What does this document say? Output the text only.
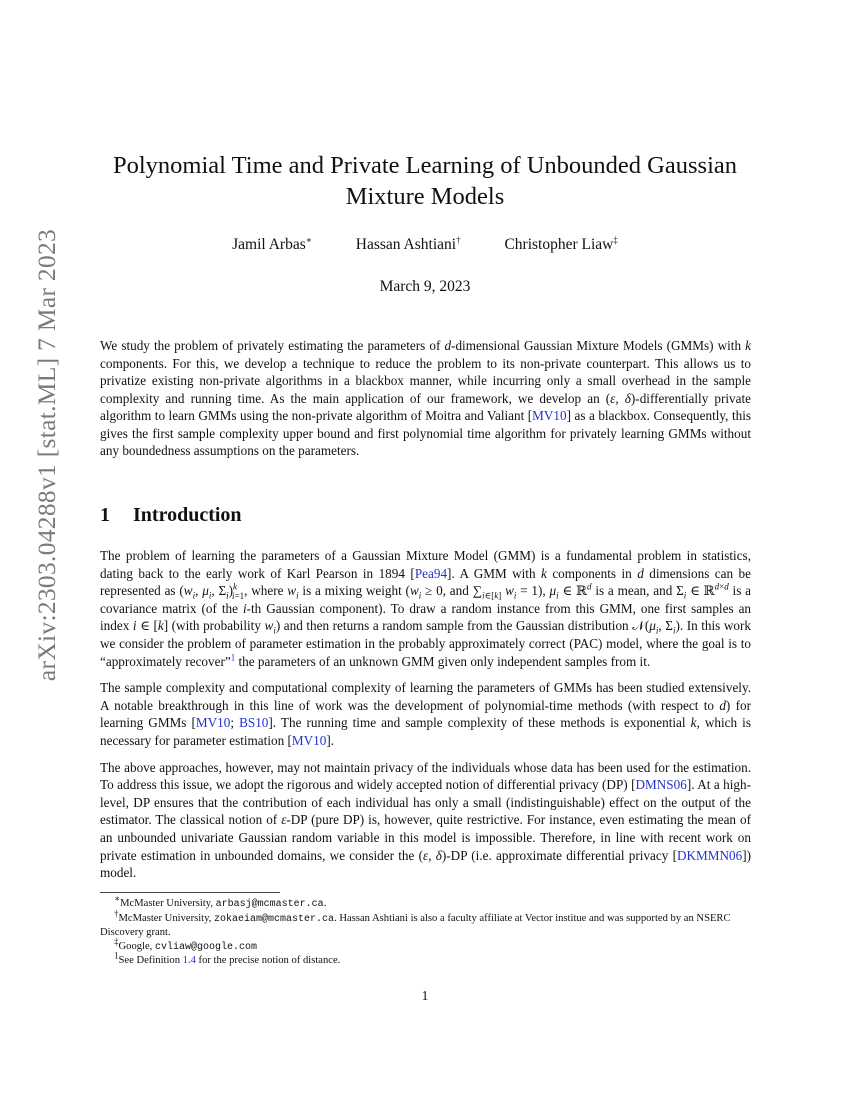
arXiv:2303.04288v1 [stat.ML] 7 Mar 2023
Polynomial Time and Private Learning of Unbounded Gaussian
Mixture Models
Jamil Arbas∗	Hassan Ashtiani†	Christopher Liaw‡
March 9, 2023

We study the problem of privately estimating the parameters of d-dimensional Gaussian Mixture Models (GMMs) with k components. For this, we develop a technique to reduce the problem to its non-private counterpart. This allows us to privatize existing non-private algorithms in a blackbox manner, while incurring only a small overhead in the sample complexity and running time. As the main application of our framework, we develop an (ε, δ)-differentially private algorithm to learn GMMs using the non-private algorithm of Moitra and Valiant [MV10] as a blackbox. Consequently, this gives the first sample complexity upper bound and first polynomial time algorithm for privately learning GMMs without any boundedness assumptions on the parameters.

1 Introduction

The problem of learning the parameters of a Gaussian Mixture Model (GMM) is a fundamental problem in statistics, dating back to the early work of Karl Pearson in 1894 [Pea94]. A GMM with k components in d dimensions can be represented as ($w_i$, $\mu_i$, $\Sigma_i)^k_{i=1}$, where $w_i$ is a mixing weight ($w_i \ge 0$, and $\sum_{i\in[k]}$ $w_i = 1$), $\mu_i$ ∈ ℝ$^d$ is a mean, and $\Sigma_i$ ∈ ℝ$^{d\times d}$ is a covariance matrix (of the i-th Gaussian component). To draw a random instance from this GMM, one first samples an index i ∈ [k] (with probability $w_i$) and then returns a random sample from the Gaussian distribution $𝒩(\mu_i$, $\Sigma_i$). In this work we consider the problem of parameter estimation in the probably approximately correct (PAC) model, where the goal is to “approximately recover”$^1$ the parameters of an unknown GMM given only independent samples from it.

The sample complexity and computational complexity of learning the parameters of GMMs has been studied extensively. A notable breakthrough in this line of work was the development of polynomial-time methods (with respect to d) for learning GMMs [MV10; BS10]. The running time and sample complexity of these methods is exponential k, which is necessary for parameter estimation [MV10].

The above approaches, however, may not maintain privacy of the individuals whose data has been used for the estimation. To address this issue, we adopt the rigorous and widely accepted notion of differential privacy (DP) [DMNS06]. At a high-level, DP ensures that the contribution of each individual has only a small (indistinguishable) effect on the output of the estimator. The classical notion of ε-DP (pure DP) is, however, quite restrictive. For instance, even estimating the mean of an unbounded univariate Gaussian random variable in this model is impossible. Therefore, in line with recent work on private estimation in unbounded domains, we consider the (ε, δ)-DP (i.e. approximate differential privacy [DKMMN06]) model.

∗McMaster University, arbasj@mcmaster.ca.

†McMaster University, zokaeiam@mcmaster.ca. Hassan Ashtiani is also a faculty affiliate at Vector institue and was supported by an NSERC Discovery grant.

‡Google, cvliaw@google.com

$^1$See Definition 1.4 for the precise notion of distance.

1
